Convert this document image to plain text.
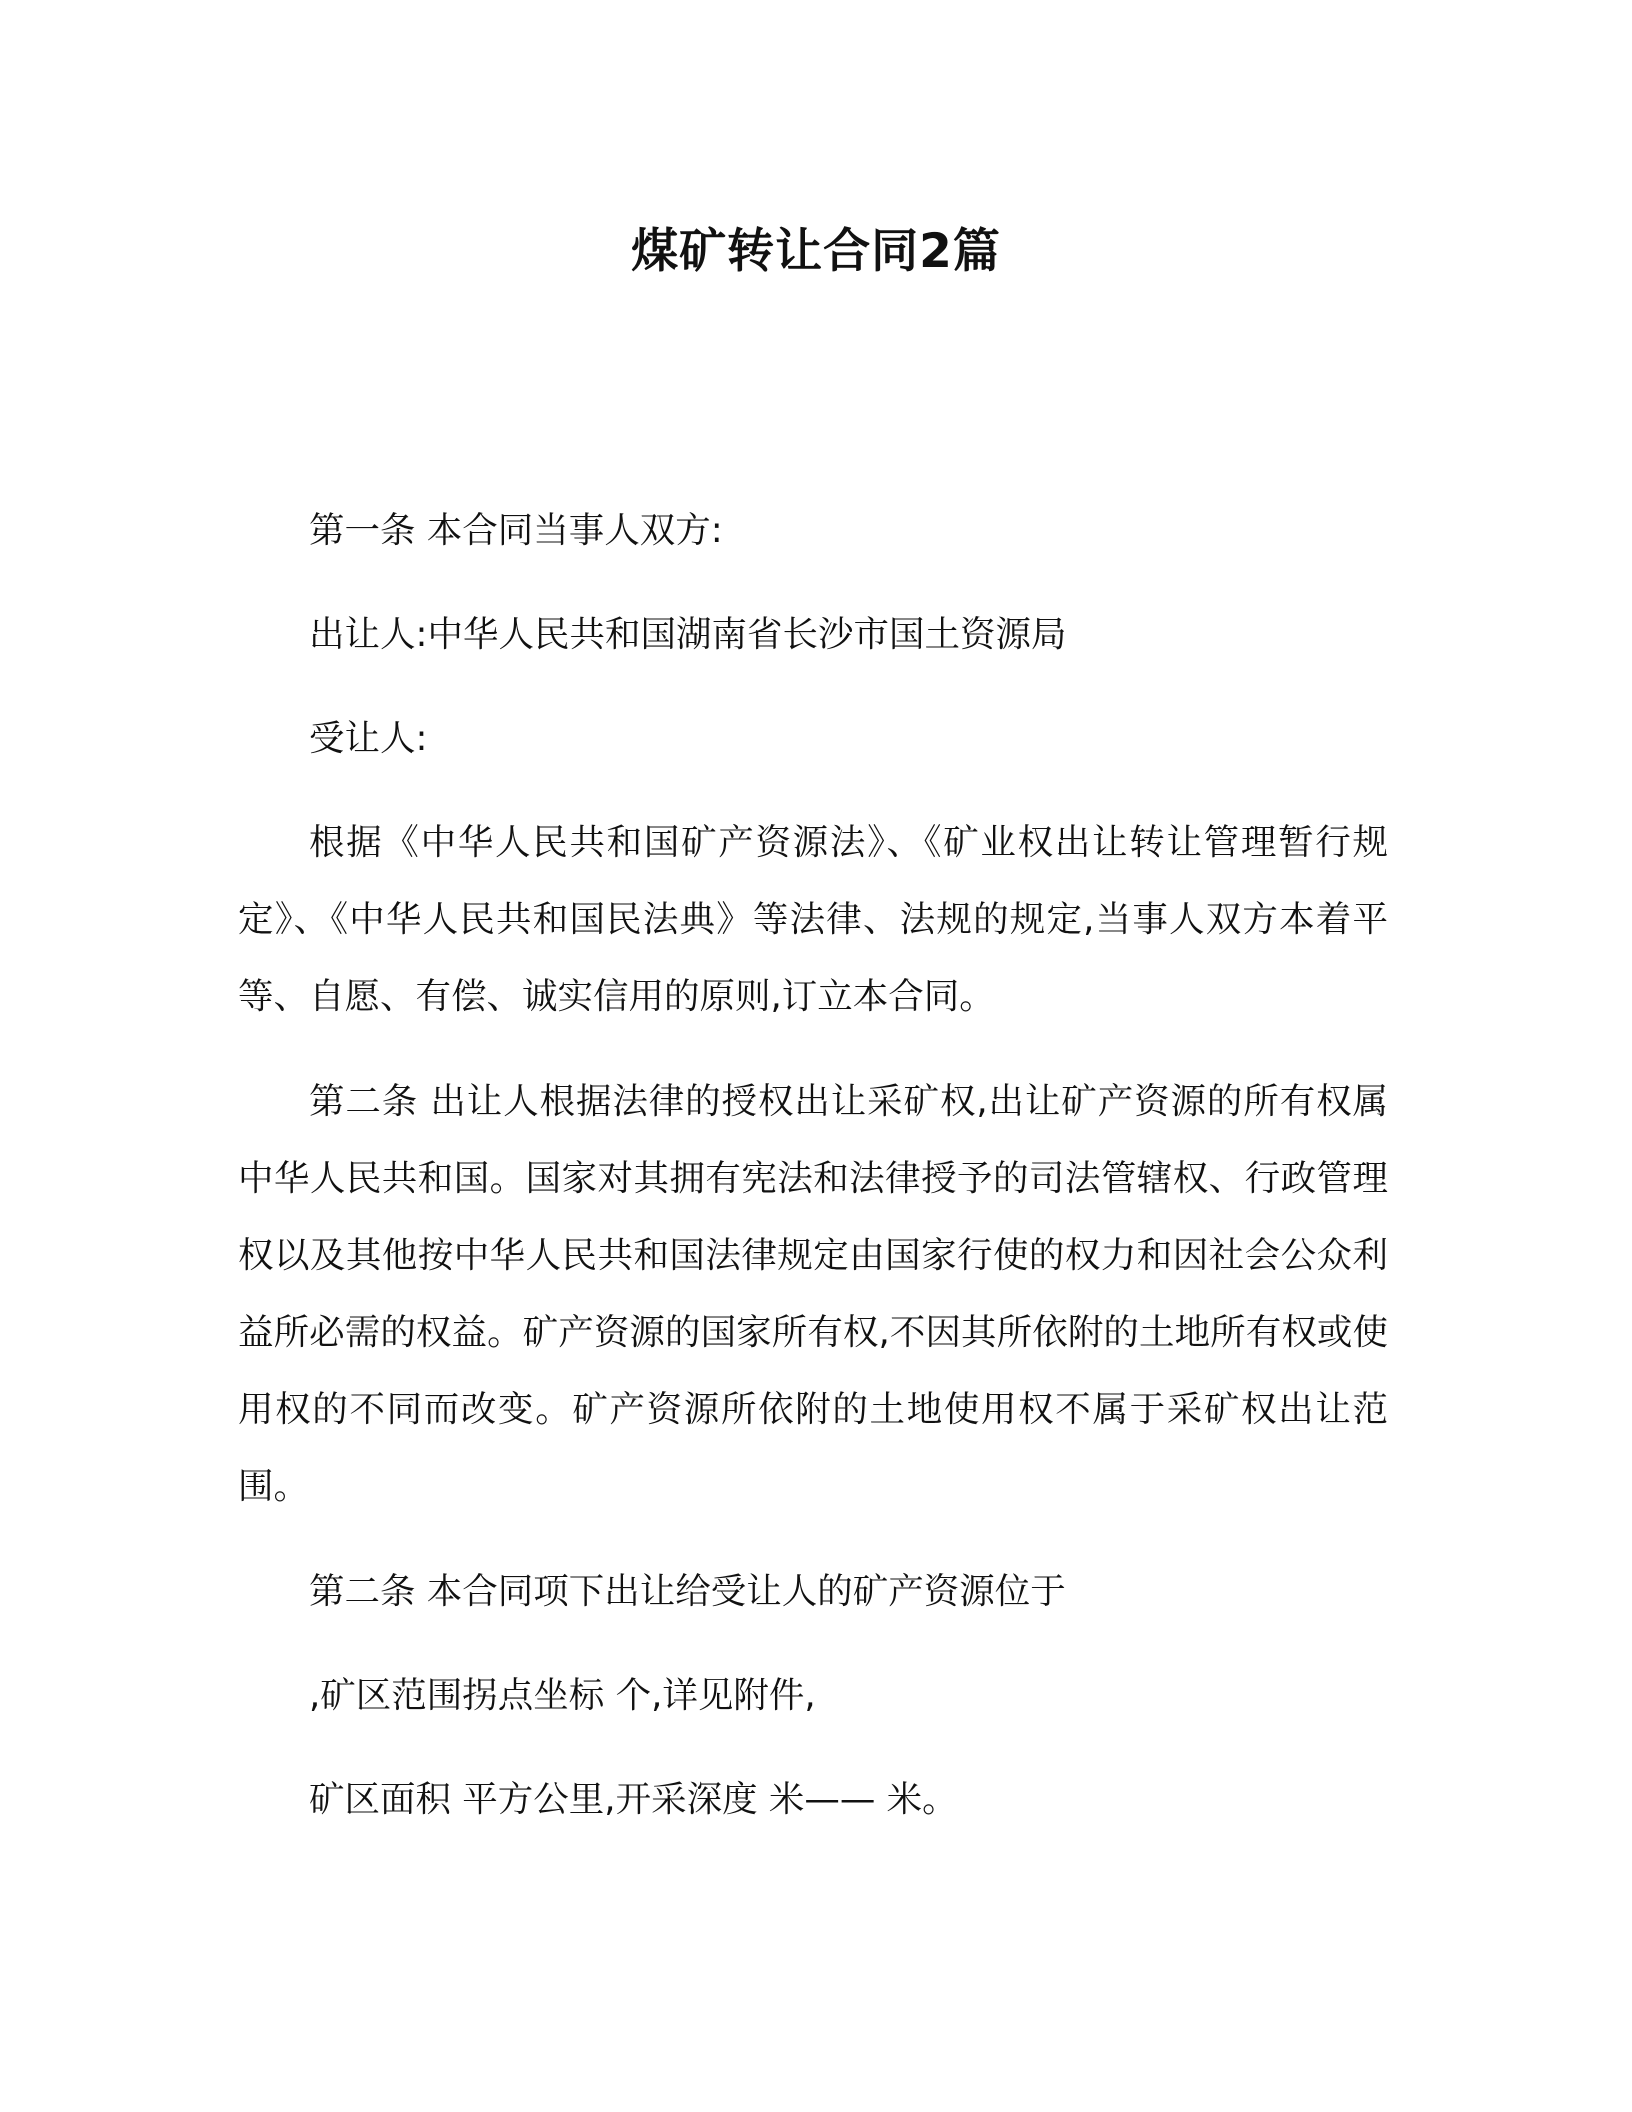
煤矿转让合同2篇

第一条 本合同当事人双方:

出让人:中华人民共和国湖南省长沙市国土资源局

受让人:

根据《中华人民共和国矿产资源法》、《矿业权出让转让管理暂行规定》、《中华人民共和国民法典》等法律、法规的规定,当事人双方本着平等、自愿、有偿、诚实信用的原则,订立本合同。

第二条 出让人根据法律的授权出让采矿权,出让矿产资源的所有权属中华人民共和国。国家对其拥有宪法和法律授予的司法管辖权、行政管理权以及其他按中华人民共和国法律规定由国家行使的权力和因社会公众利益所必需的权益。矿产资源的国家所有权,不因其所依附的土地所有权或使用权的不同而改变。矿产资源所依附的土地使用权不属于采矿权出让范围。

第二条 本合同项下出让给受让人的矿产资源位于

,矿区范围拐点坐标 个,详见附件,

矿区面积 平方公里,开采深度 米—— 米。
